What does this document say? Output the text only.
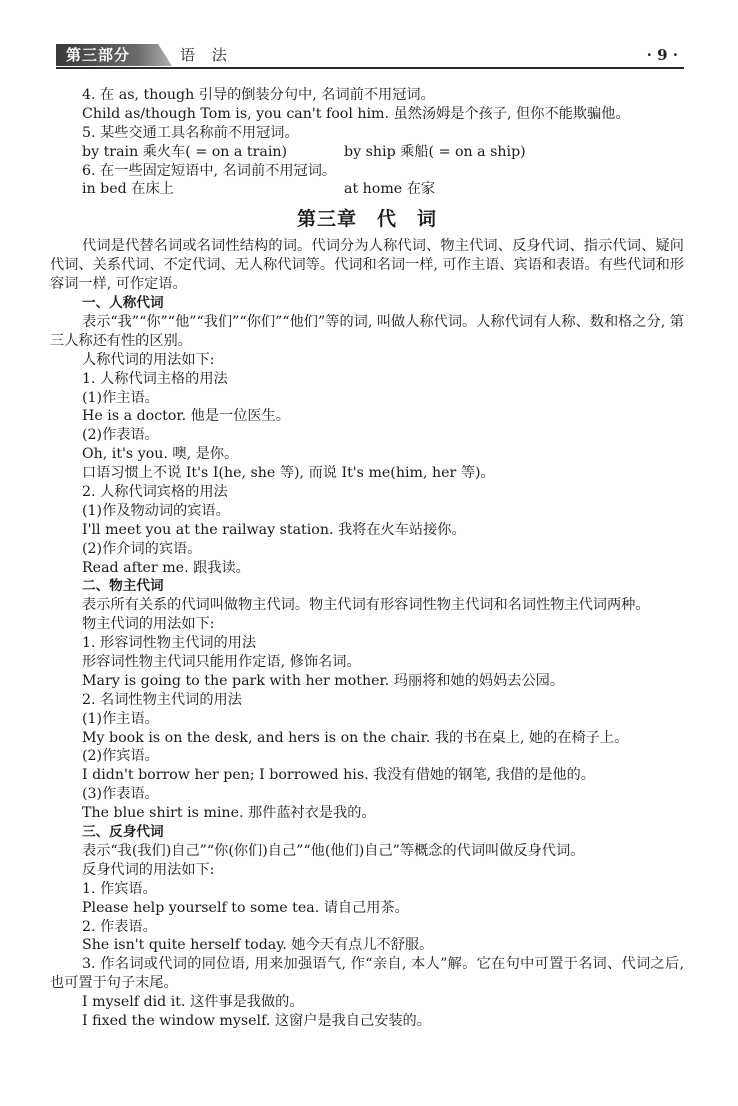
第三部分	语 法	· 9 ·
4. 在 as, though 引导的倒装分句中, 名词前不用冠词。
Child as/though Tom is, you can't fool him. 虽然汤姆是个孩子, 但你不能欺骗他。
5. 某些交通工具名称前不用冠词。
by train 乘火车( = on a train)	by ship 乘船( = on a ship)
6. 在一些固定短语中, 名词前不用冠词。
in bed 在床上	at home 在家
第三章　代　词
代词是代替名词或名词性结构的词。代词分为人称代词、物主代词、反身代词、指示代词、疑问代词、关系代词、不定代词、无人称代词等。代词和名词一样, 可作主语、宾语和表语。有些代词和形容词一样, 可作定语。
一、人称代词
表示“我”“你”“他”“我们”“你们”“他们”等的词, 叫做人称代词。人称代词有人称、数和格之分, 第三人称还有性的区别。
人称代词的用法如下:
1. 人称代词主格的用法
(1)作主语。
He is a doctor. 他是一位医生。
(2)作表语。
Oh, it's you. 噢, 是你。
口语习惯上不说 It's I(he, she 等), 而说 It's me(him, her 等)。
2. 人称代词宾格的用法
(1)作及物动词的宾语。
I'll meet you at the railway station. 我将在火车站接你。
(2)作介词的宾语。
Read after me. 跟我读。
二、物主代词
表示所有关系的代词叫做物主代词。物主代词有形容词性物主代词和名词性物主代词两种。
物主代词的用法如下:
1. 形容词性物主代词的用法
形容词性物主代词只能用作定语, 修饰名词。
Mary is going to the park with her mother. 玛丽将和她的妈妈去公园。
2. 名词性物主代词的用法
(1)作主语。
My book is on the desk, and hers is on the chair. 我的书在桌上, 她的在椅子上。
(2)作宾语。
I didn't borrow her pen; I borrowed his. 我没有借她的钢笔, 我借的是他的。
(3)作表语。
The blue shirt is mine. 那件蓝衬衣是我的。
三、反身代词
表示“我(我们)自己”“你(你们)自己”“他(他们)自己”等概念的代词叫做反身代词。
反身代词的用法如下:
1. 作宾语。
Please help yourself to some tea. 请自己用茶。
2. 作表语。
She isn't quite herself today. 她今天有点儿不舒服。
3. 作名词或代词的同位语, 用来加强语气, 作“亲自, 本人”解。它在句中可置于名词、代词之后, 也可置于句子末尾。
I myself did it. 这件事是我做的。
I fixed the window myself. 这窗户是我自己安装的。
